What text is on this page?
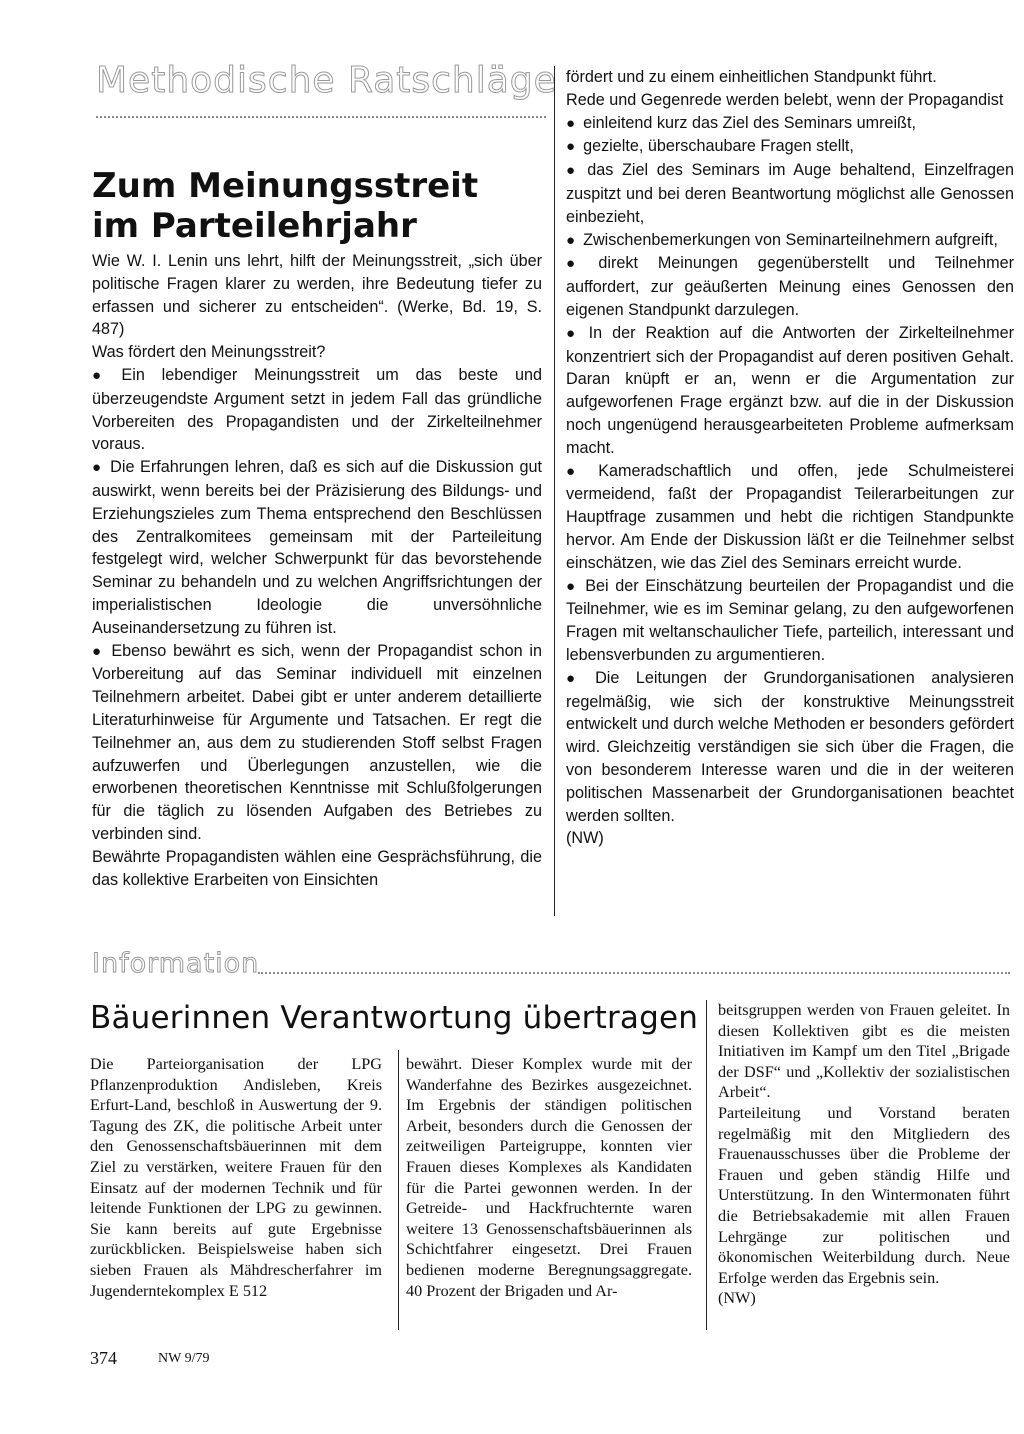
Methodische Ratschläge
Zum Meinungsstreit
im Parteilehrjahr

Wie W. I. Lenin uns lehrt, hilft der Meinungsstreit, „sich über politische Fragen klarer zu werden, ihre Bedeutung tiefer zu erfassen und sicherer zu entscheiden“. (Werke, Bd. 19, S. 487)

Was fördert den Meinungsstreit?

● Ein lebendiger Meinungsstreit um das beste und überzeugendste Argument setzt in jedem Fall das gründliche Vorbereiten des Propagandisten und der Zirkelteilnehmer voraus.

● Die Erfahrungen lehren, daß es sich auf die Diskussion gut auswirkt, wenn bereits bei der Präzisierung des Bildungs- und Erziehungszieles zum Thema entsprechend den Beschlüssen des Zentralkomitees gemeinsam mit der Parteileitung festgelegt wird, welcher Schwerpunkt für das bevorstehende Seminar zu behandeln und zu welchen Angriffsrichtungen der imperialistischen Ideologie die unversöhnliche Auseinandersetzung zu führen ist.

● Ebenso bewährt es sich, wenn der Propagandist schon in Vorbereitung auf das Seminar individuell mit einzelnen Teilnehmern arbeitet. Dabei gibt er unter anderem detaillierte Literaturhinweise für Argumente und Tatsachen. Er regt die Teilnehmer an, aus dem zu studierenden Stoff selbst Fragen aufzuwerfen und Überlegungen anzustellen, wie die erworbenen theoretischen Kenntnisse mit Schlußfolgerungen für die täglich zu lösenden Aufgaben des Betriebes zu verbinden sind.

Bewährte Propagandisten wählen eine Gesprächsführung, die das kollektive Erarbeiten von Einsichten

fördert und zu einem einheitlichen Standpunkt führt.

Rede und Gegenrede werden belebt, wenn der Propagandist

● einleitend kurz das Ziel des Seminars umreißt,

● gezielte, überschaubare Fragen stellt,

● das Ziel des Seminars im Auge behaltend, Einzelfragen zuspitzt und bei deren Beantwortung möglichst alle Genossen einbezieht,

● Zwischenbemerkungen von Seminarteilnehmern aufgreift,

● direkt Meinungen gegenüberstellt und Teilnehmer auffordert, zur geäußerten Meinung eines Genossen den eigenen Standpunkt darzulegen.

● In der Reaktion auf die Antworten der Zirkelteilnehmer konzentriert sich der Propagandist auf deren positiven Gehalt. Daran knüpft er an, wenn er die Argumentation zur aufgeworfenen Frage ergänzt bzw. auf die in der Diskussion noch ungenügend herausgearbeiteten Probleme aufmerksam macht.

● Kameradschaftlich und offen, jede Schulmeisterei vermeidend, faßt der Propagandist Teilerarbeitungen zur Hauptfrage zusammen und hebt die richtigen Standpunkte hervor. Am Ende der Diskussion läßt er die Teilnehmer selbst einschätzen, wie das Ziel des Seminars erreicht wurde.

● Bei der Einschätzung beurteilen der Propagandist und die Teilnehmer, wie es im Seminar gelang, zu den aufgeworfenen Fragen mit weltanschaulicher Tiefe, parteilich, interessant und lebensverbunden zu argumentieren.

● Die Leitungen der Grundorganisationen analysieren regelmäßig, wie sich der konstruktive Meinungsstreit entwickelt und durch welche Methoden er besonders gefördert wird. Gleichzeitig verständigen sie sich über die Fragen, die von besonderem Interesse waren und die in der weiteren politischen Massenarbeit der Grundorganisationen beachtet werden sollten.

(NW)

Information
Bäuerinnen Verantwortung übertragen
Die Parteiorganisation der LPG Pflanzenproduktion Andisleben, Kreis Erfurt-Land, beschloß in Auswertung der 9. Tagung des ZK, die politische Arbeit unter den Genossenschaftsbäuerinnen mit dem Ziel zu verstärken, weitere Frauen für den Einsatz auf der modernen Technik und für leitende Funktionen der LPG zu gewinnen. Sie kann bereits auf gute Ergebnisse zurückblicken. Beispielsweise haben sich sieben Frauen als Mähdrescherfahrer im Jugenderntekomplex E 512
bewährt. Dieser Komplex wurde mit der Wanderfahne des Bezirkes ausgezeichnet. Im Ergebnis der ständigen politischen Arbeit, besonders durch die Genossen der zeitweiligen Parteigruppe, konnten vier Frauen dieses Komplexes als Kandidaten für die Partei gewonnen werden. In der Getreide- und Hackfruchternte waren weitere 13 Genossenschaftsbäuerinnen als Schichtfahrer eingesetzt. Drei Frauen bedienen moderne Beregnungsaggregate. 40 Prozent der Brigaden und Ar-

beitsgruppen werden von Frauen geleitet. In diesen Kollektiven gibt es die meisten Initiativen im Kampf um den Titel „Brigade der DSF“ und „Kollektiv der sozialistischen Arbeit“.

Parteileitung und Vorstand beraten regelmäßig mit den Mitgliedern des Frauenausschusses über die Probleme der Frauen und geben ständig Hilfe und Unterstützung. In den Wintermonaten führt die Betriebsakademie mit allen Frauen Lehrgänge zur politischen und ökonomischen Weiterbildung durch. Neue Erfolge werden das Ergebnis sein.

(NW)

374	NW 9/79
